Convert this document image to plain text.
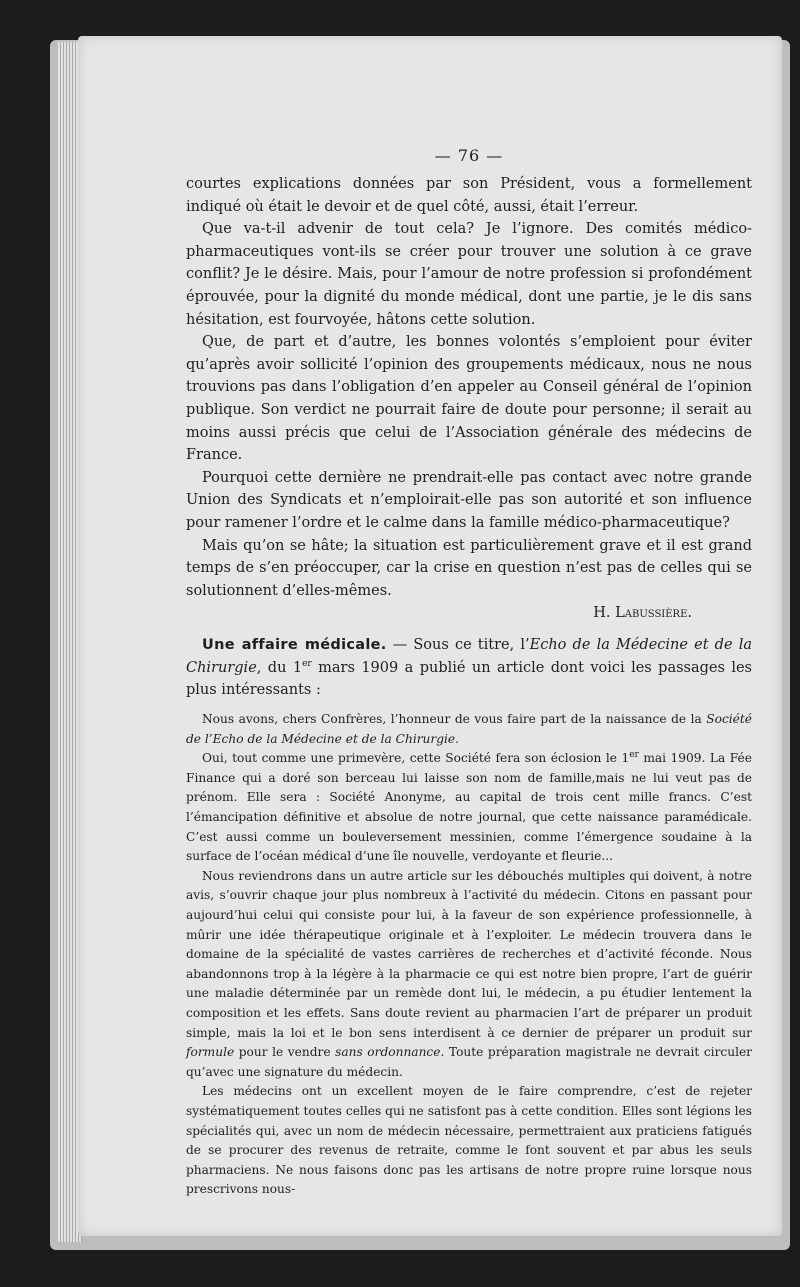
— 76 —

courtes explications données par son Président, vous a formellement indiqué où était le devoir et de quel côté, aussi, était l’erreur.

Que va-t-il advenir de tout cela? Je l’ignore. Des comités médico-pharmaceutiques vont-ils se créer pour trouver une solution à ce grave conflit? Je le désire. Mais, pour l’amour de notre profession si profondément éprouvée, pour la dignité du monde médical, dont une partie, je le dis sans hésitation, est fourvoyée, hâtons cette solution.

Que, de part et d’autre, les bonnes volontés s’emploient pour éviter qu’après avoir sollicité l’opinion des groupements médicaux, nous ne nous trouvions pas dans l’obligation d’en appeler au Conseil général de l’opinion publique. Son verdict ne pourrait faire de doute pour personne; il serait au moins aussi précis que celui de l’Association générale des médecins de France.

Pourquoi cette dernière ne prendrait-elle pas contact avec notre grande Union des Syndicats et n’emploirait-elle pas son autorité et son influence pour ramener l’ordre et le calme dans la famille médico-pharmaceutique?

Mais qu’on se hâte; la situation est particulièrement grave et il est grand temps de s’en préoccuper, car la crise en question n’est pas de celles qui se solutionnent d’elles-mêmes.

H. Labussière.

Une affaire médicale. — Sous ce titre, l’Echo de la Médecine et de la Chirurgie, du 1er mars 1909 a publié un article dont voici les passages les plus intéressants :

Nous avons, chers Confrères, l’honneur de vous faire part de la naissance de la Société de l’Echo de la Médecine et de la Chirurgie.

Oui, tout comme une primevère, cette Société fera son éclosion le 1er mai 1909. La Fée Finance qui a doré son berceau lui laisse son nom de famille,mais ne lui veut pas de prénom. Elle sera : Société Anonyme, au capital de trois cent mille francs. C’est l’émancipation définitive et absolue de notre journal, que cette naissance paramédicale. C’est aussi comme un bouleversement messinien, comme l’émergence soudaine à la surface de l’océan médical d’une île nouvelle, verdoyante et fleurie...

Nous reviendrons dans un autre article sur les débouchés multiples qui doivent, à notre avis, s’ouvrir chaque jour plus nombreux à l’activité du médecin. Citons en passant pour aujourd’hui celui qui consiste pour lui, à la faveur de son expérience professionnelle, à mûrir une idée thérapeutique originale et à l’exploiter. Le médecin trouvera dans le domaine de la spécialité de vastes carrières de recherches et d’activité féconde. Nous abandonnons trop à la légère à la pharmacie ce qui est notre bien propre, l’art de guérir une maladie déterminée par un remède dont lui, le médecin, a pu étudier lentement la composition et les effets. Sans doute revient au pharmacien l’art de préparer un produit simple, mais la loi et le bon sens interdisent à ce dernier de préparer un produit sur formule pour le vendre sans ordonnance. Toute préparation magistrale ne devrait circuler qu’avec une signature du médecin.

Les médecins ont un excellent moyen de le faire comprendre, c’est de rejeter systématiquement toutes celles qui ne satisfont pas à cette condition. Elles sont légions les spécialités qui, avec un nom de médecin nécessaire, permettraient aux praticiens fatigués de se procurer des revenus de retraite, comme le font souvent et par abus les seuls pharmaciens. Ne nous faisons donc pas les artisans de notre propre ruine lorsque nous prescrivons nous-
